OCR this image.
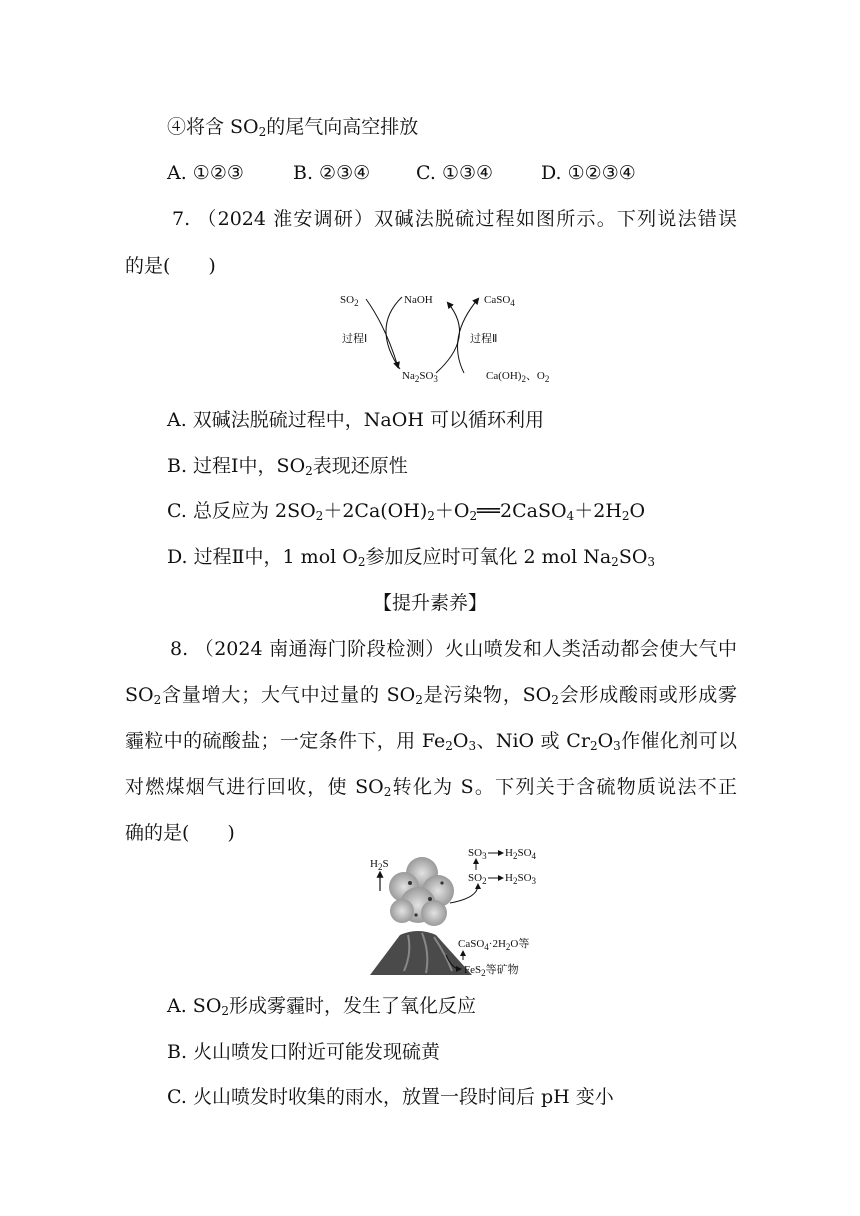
④将含 $SO_2$的尾气向高空排放
A. ①②③	B. ②③④ C. ①③④	D. ①②③④
7. （2024 淮安调研）双碱法脱硫过程如图所示。下列说法错误
的是(　　)
$SO_2$	NaOH	CaSO$_4$
过程Ⅰ	过程Ⅱ
$Na_2SO_3$	$Ca(OH)_2$、$O_2$
A. 双碱法脱硫过程中，NaOH 可以循环利用
B. 过程Ⅰ中，$SO_2$表现还原性
C. 总反应为 $2SO_2+2Ca(OH)_2+O_2══2CaSO_4+2H_2O$
D. 过程Ⅱ中，1 mol $O_2$参加反应时可氧化 2 mol $Na_2SO_3$
【提升素养】
8. （2024 南通海门阶段检测）火山喷发和人类活动都会使大气中
$SO_2$含量增大；大气中过量的 $SO_2$是污染物，$SO_2$会形成酸雨或形成雾
霾粒中的硫酸盐；一定条件下，用 $Fe_2O_3$、NiO 或 $Cr_2O_3$作催化剂可以
对燃煤烟气进行回收，使 $SO_2$转化为 S。下列关于含硫物质说法不正
确的是(　　)
$SO_3$ $H_2SO_4$
$SO_2$ $H_2SO_3$
$H_2S$
$CaSO_4\cdot 2H_2O$等
FeS$_2$等矿物
A. $SO_2$形成雾霾时，发生了氧化反应
B. 火山喷发口附近可能发现硫黄
C. 火山喷发时收集的雨水，放置一段时间后 pH 变小
